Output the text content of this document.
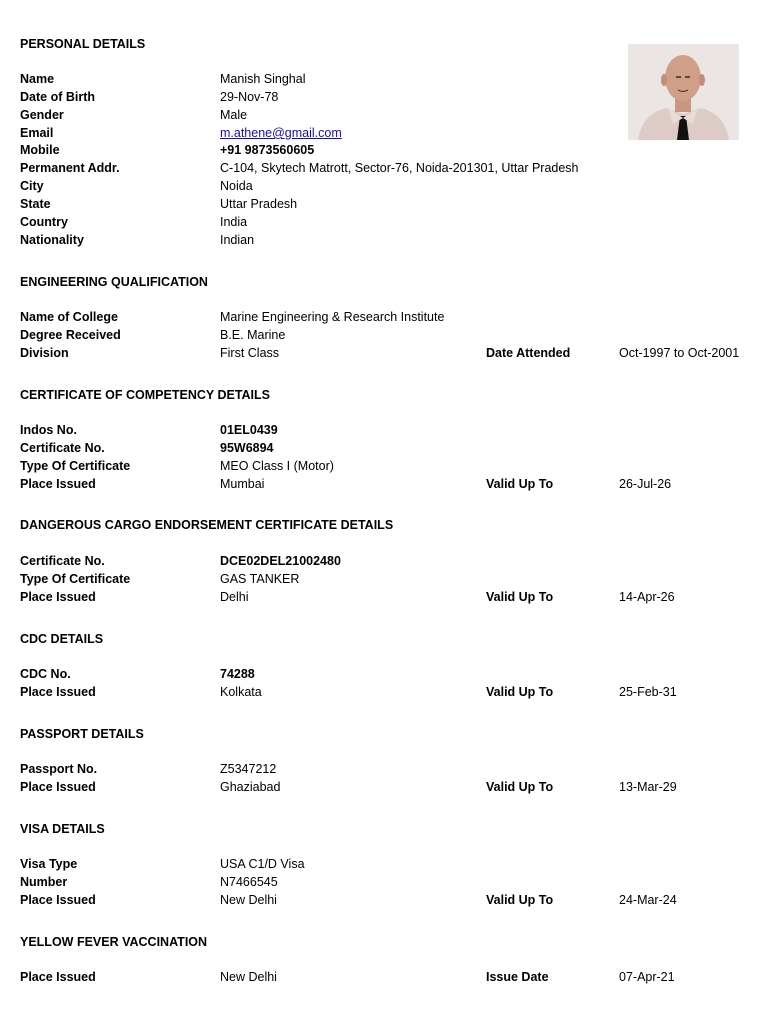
PERSONAL DETAILS
Name	Manish Singhal
Date of Birth	29-Nov-78
Gender	Male
Email	m.athene@gmail.com
Mobile	+91 9873560605
Permanent Addr.	C-104, Skytech Matrott, Sector-76, Noida-201301, Uttar Pradesh
City	Noida
State	Uttar Pradesh
Country	India
Nationality	Indian
ENGINEERING QUALIFICATION
Name of College	Marine Engineering & Research Institute
Degree Received	B.E. Marine
Division	First Class	Date Attended	Oct-1997 to Oct-2001
CERTIFICATE OF COMPETENCY DETAILS
Indos No.	01EL0439
Certificate No.	95W6894
Type Of Certificate	MEO Class I (Motor)
Place Issued	Mumbai	Valid Up To	26-Jul-26
DANGEROUS CARGO ENDORSEMENT CERTIFICATE DETAILS
Certificate No.	DCE02DEL21002480
Type Of Certificate	GAS TANKER
Place Issued	Delhi	Valid Up To	14-Apr-26
CDC DETAILS
CDC No.	74288
Place Issued	Kolkata	Valid Up To	25-Feb-31
PASSPORT DETAILS
Passport No.	Z5347212
Place Issued	Ghaziabad	Valid Up To	13-Mar-29
VISA DETAILS
Visa Type	USA C1/D Visa
Number	N7466545
Place Issued	New Delhi	Valid Up To	24-Mar-24
YELLOW FEVER VACCINATION
Place Issued	New Delhi	Issue Date	07-Apr-21
